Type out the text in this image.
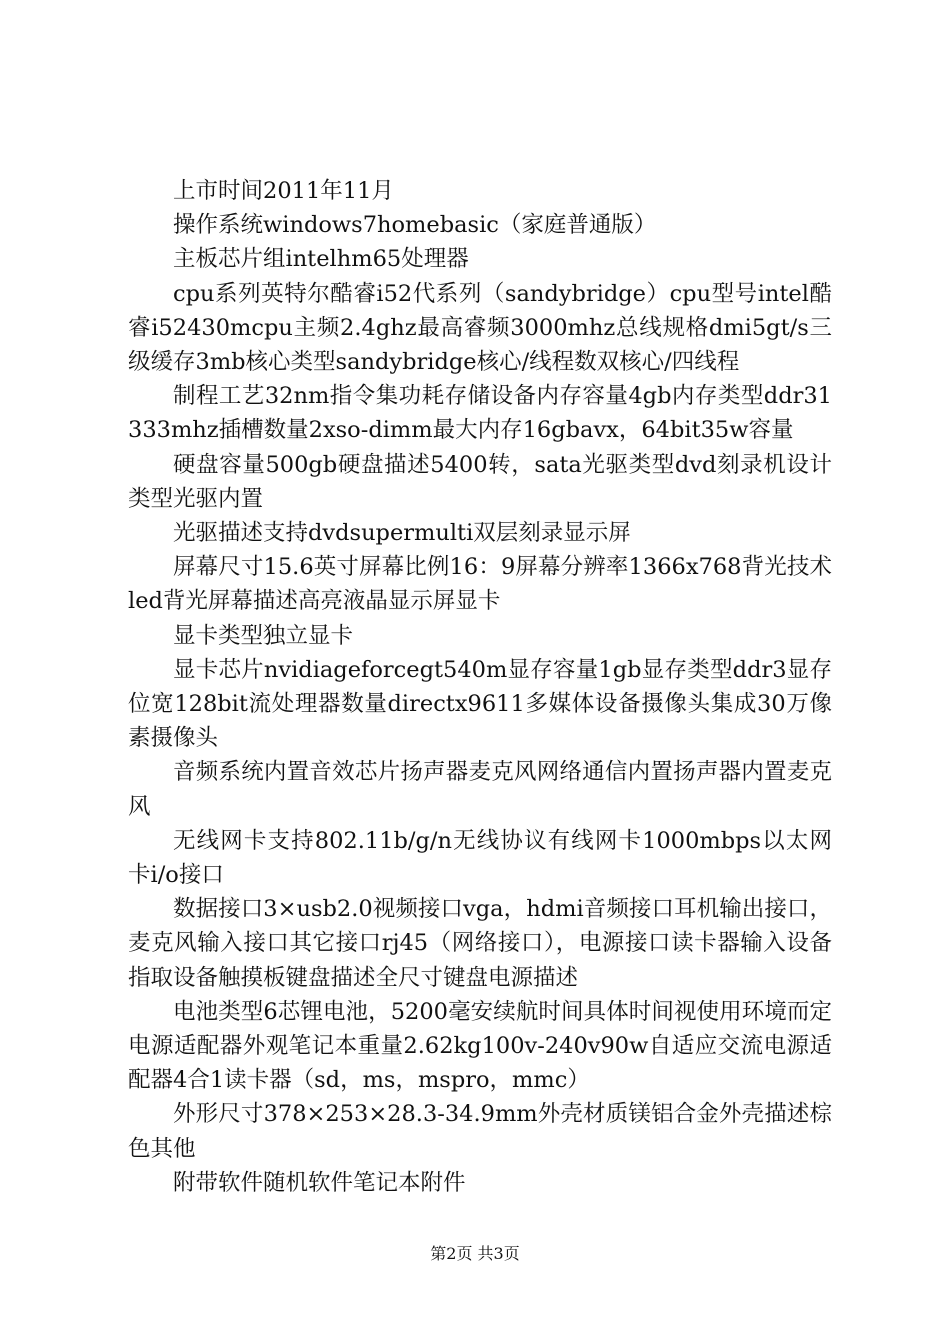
上市时间2011年11月

操作系统windows7homebasic（家庭普通版）

主板芯片组intelhm65处理器

cpu系列英特尔酷睿i52代系列（sandybridge）cpu型号intel酷睿i52430mcpu主频2.4ghz最高睿频3000mhz总线规格dmi5gt/s三级缓存3mb核心类型sandybridge核心/线程数双核心/四线程

制程工艺32nm指令集功耗存储设备内存容量4gb内存类型ddr31333mhz插槽数量2xso-dimm最大内存16gbavx，64bit35w容量

硬盘容量500gb硬盘描述5400转，sata光驱类型dvd刻录机设计类型光驱内置

光驱描述支持dvdsupermulti双层刻录显示屏

屏幕尺寸15.6英寸屏幕比例16：9屏幕分辨率1366x768背光技术led背光屏幕描述高亮液晶显示屏显卡

显卡类型独立显卡

显卡芯片nvidiageforcegt540m显存容量1gb显存类型ddr3显存位宽128bit流处理器数量directx9611多媒体设备摄像头集成30万像素摄像头

音频系统内置音效芯片扬声器麦克风网络通信内置扬声器内置麦克风

无线网卡支持802.11b/g/n无线协议有线网卡1000mbps以太网卡i/o接口

数据接口3×usb2.0视频接口vga，hdmi音频接口耳机输出接口，麦克风输入接口其它接口rj45（网络接口），电源接口读卡器输入设备指取设备触摸板键盘描述全尺寸键盘电源描述

电池类型6芯锂电池，5200毫安续航时间具体时间视使用环境而定电源适配器外观笔记本重量2.62kg100v-240v90w自适应交流电源适配器4合1读卡器（sd，ms，mspro，mmc）

外形尺寸378×253×28.3-34.9mm外壳材质镁铝合金外壳描述棕色其他

附带软件随机软件笔记本附件

第2页 共3页
